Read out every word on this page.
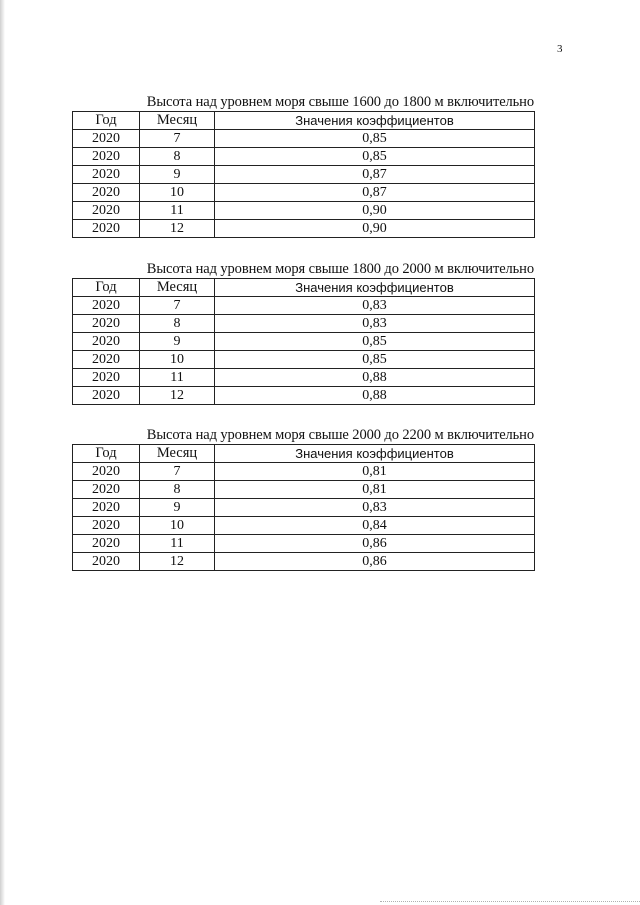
3
Высота над уровнем моря свыше 1600 до 1800 м включительно
Год	Месяц	Значения коэффициентов
2020	7	0,85
2020	8	0,85
2020	9	0,87
2020	10	0,87
2020	11	0,90
2020	12	0,90
Высота над уровнем моря свыше 1800 до 2000 м включительно
Год	Месяц	Значения коэффициентов
2020	7	0,83
2020	8	0,83
2020	9	0,85
2020	10	0,85
2020	11	0,88
2020	12	0,88
Высота над уровнем моря свыше 2000 до 2200 м включительно
Год	Месяц	Значения коэффициентов
2020	7	0,81
2020	8	0,81
2020	9	0,83
2020	10	0,84
2020	11	0,86
2020	12	0,86
